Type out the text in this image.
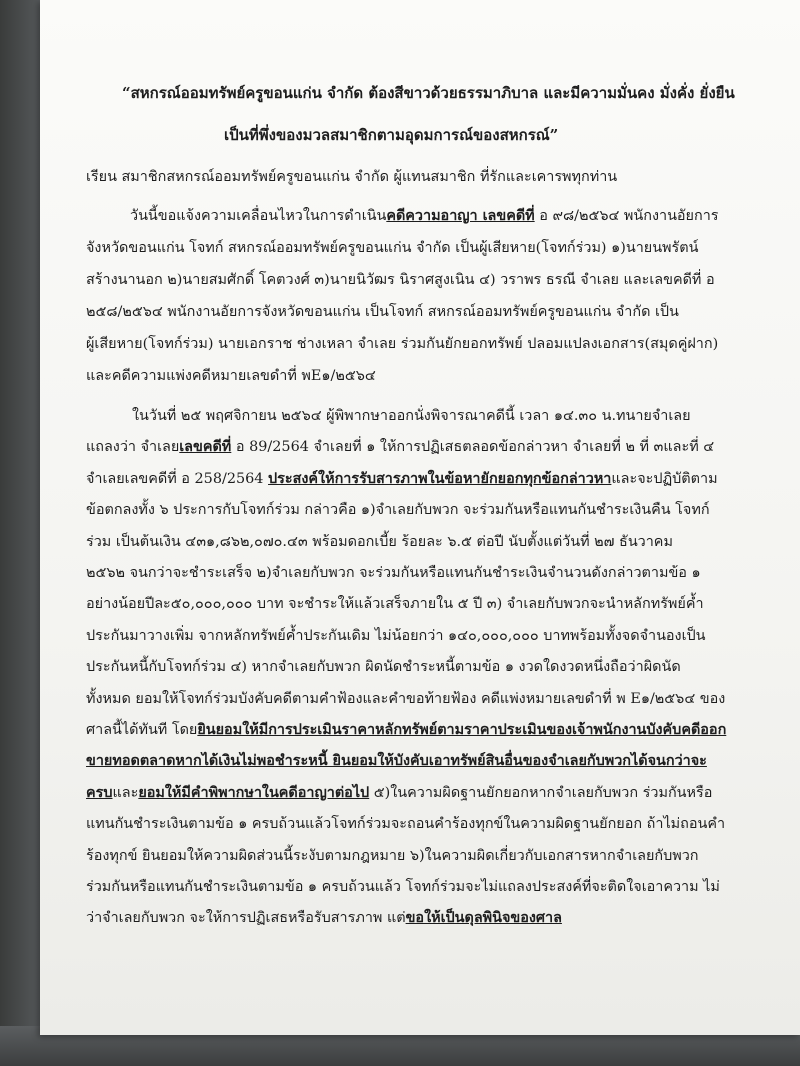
“สหกรณ์ออมทรัพย์ครูขอนแก่น จำกัด ต้องสีขาวด้วยธรรมาภิบาล และมีความมั่นคง มั่งคั่ง ยั่งยืน
เป็นที่พึ่งของมวลสมาชิกตามอุดมการณ์ของสหกรณ์”
เรียน สมาชิกสหกรณ์ออมทรัพย์ครูขอนแก่น จำกัด ผู้แทนสมาชิก ที่รักและเคารพทุกท่าน
วันนี้ขอแจ้งความเคลื่อนไหวในการดำเนินคดีความอาญา เลขคดีที่ อ ๙๘/๒๕๖๔ พนักงานอัยการ
จังหวัดขอนแก่น โจทก์ สหกรณ์ออมทรัพย์ครูขอนแก่น จำกัด เป็นผู้เสียหาย(โจทก์ร่วม) ๑)นายนพรัตน์
สร้างนานอก ๒)นายสมศักดิ์ โคตวงศ์ ๓)นายนิวัฒร นิราศสูงเนิน ๔) วราพร ธรณี จำเลย และเลขคดีที่ อ
๒๕๘/๒๕๖๔ พนักงานอัยการจังหวัดขอนแก่น เป็นโจทก์ สหกรณ์ออมทรัพย์ครูขอนแก่น จำกัด เป็น
ผู้เสียหาย(โจทก์ร่วม) นายเอกราช ช่างเหลา จำเลย ร่วมกันยักยอกทรัพย์ ปลอมแปลงเอกสาร(สมุดคู่ฝาก)
และคดีความแพ่งคดีหมายเลขดำที่ พE๑/๒๕๖๔
ในวันที่ ๒๕ พฤศจิกายน ๒๕๖๔ ผู้พิพากษาออกนั่งพิจารณาคดีนี้ เวลา ๑๔.๓๐ น.ทนายจำเลย
แถลงว่า จำเลยเลขคดีที่ อ 89/2564 จำเลยที่ ๑ ให้การปฏิเสธตลอดข้อกล่าวหา จำเลยที่ ๒ ที่ ๓และที่ ๔
จำเลยเลขคดีที่ อ 258/2564 ประสงค์ให้การรับสารภาพในข้อหายักยอกทุกข้อกล่าวหาและจะปฏิบัติตาม
ข้อตกลงทั้ง ๖ ประการกับโจทก์ร่วม กล่าวคือ ๑)จำเลยกับพวก จะร่วมกันหรือแทนกันชำระเงินคืน โจทก์
ร่วม เป็นต้นเงิน ๔๓๑,๘๖๒,๐๗๐.๔๓ พร้อมดอกเบี้ย ร้อยละ ๖.๕ ต่อปี นับตั้งแต่วันที่ ๒๗ ธันวาคม
๒๕๖๒ จนกว่าจะชำระเสร็จ ๒)จำเลยกับพวก จะร่วมกันหรือแทนกันชำระเงินจำนวนดังกล่าวตามข้อ ๑
อย่างน้อยปีละ๕๐,๐๐๐,๐๐๐ บาท จะชำระให้แล้วเสร็จภายใน ๕ ปี ๓) จำเลยกับพวกจะนำหลักทรัพย์ค้ำ
ประกันมาวางเพิ่ม จากหลักทรัพย์ค้ำประกันเดิม ไม่น้อยกว่า ๑๔๐,๐๐๐,๐๐๐ บาทพร้อมทั้งจดจำนองเป็น
ประกันหนี้กับโจทก์ร่วม ๔) หากจำเลยกับพวก ผิดนัดชำระหนี้ตามข้อ ๑ งวดใดงวดหนึ่งถือว่าผิดนัด
ทั้งหมด ยอมให้โจทก์ร่วมบังคับคดีตามคำฟ้องและคำขอท้ายฟ้อง คดีแพ่งหมายเลขดำที่ พ E๑/๒๕๖๔ ของ
ศาลนี้ได้ทันที โดยยินยอมให้มีการประเมินราคาหลักทรัพย์ตามราคาประเมินของเจ้าพนักงานบังคับคดีออก
ขายทอดตลาดหากได้เงินไม่พอชำระหนี้ ยินยอมให้บังคับเอาทรัพย์สินอื่นของจำเลยกับพวกได้จนกว่าจะ
ครบและยอมให้มีคำพิพากษาในคดีอาญาต่อไป ๕)ในความผิดฐานยักยอกหากจำเลยกับพวก ร่วมกันหรือ
แทนกันชำระเงินตามข้อ ๑ ครบถ้วนแล้วโจทก์ร่วมจะถอนคำร้องทุกข์ในความผิดฐานยักยอก ถ้าไม่ถอนคำ
ร้องทุกข์ ยินยอมให้ความผิดส่วนนี้ระงับตามกฎหมาย ๖)ในความผิดเกี่ยวกับเอกสารหากจำเลยกับพวก
ร่วมกันหรือแทนกันชำระเงินตามข้อ ๑ ครบถ้วนแล้ว โจทก์ร่วมจะไม่แถลงประสงค์ที่จะติดใจเอาความ ไม่
ว่าจำเลยกับพวก จะให้การปฏิเสธหรือรับสารภาพ แต่ขอให้เป็นดุลพินิจของศาล
